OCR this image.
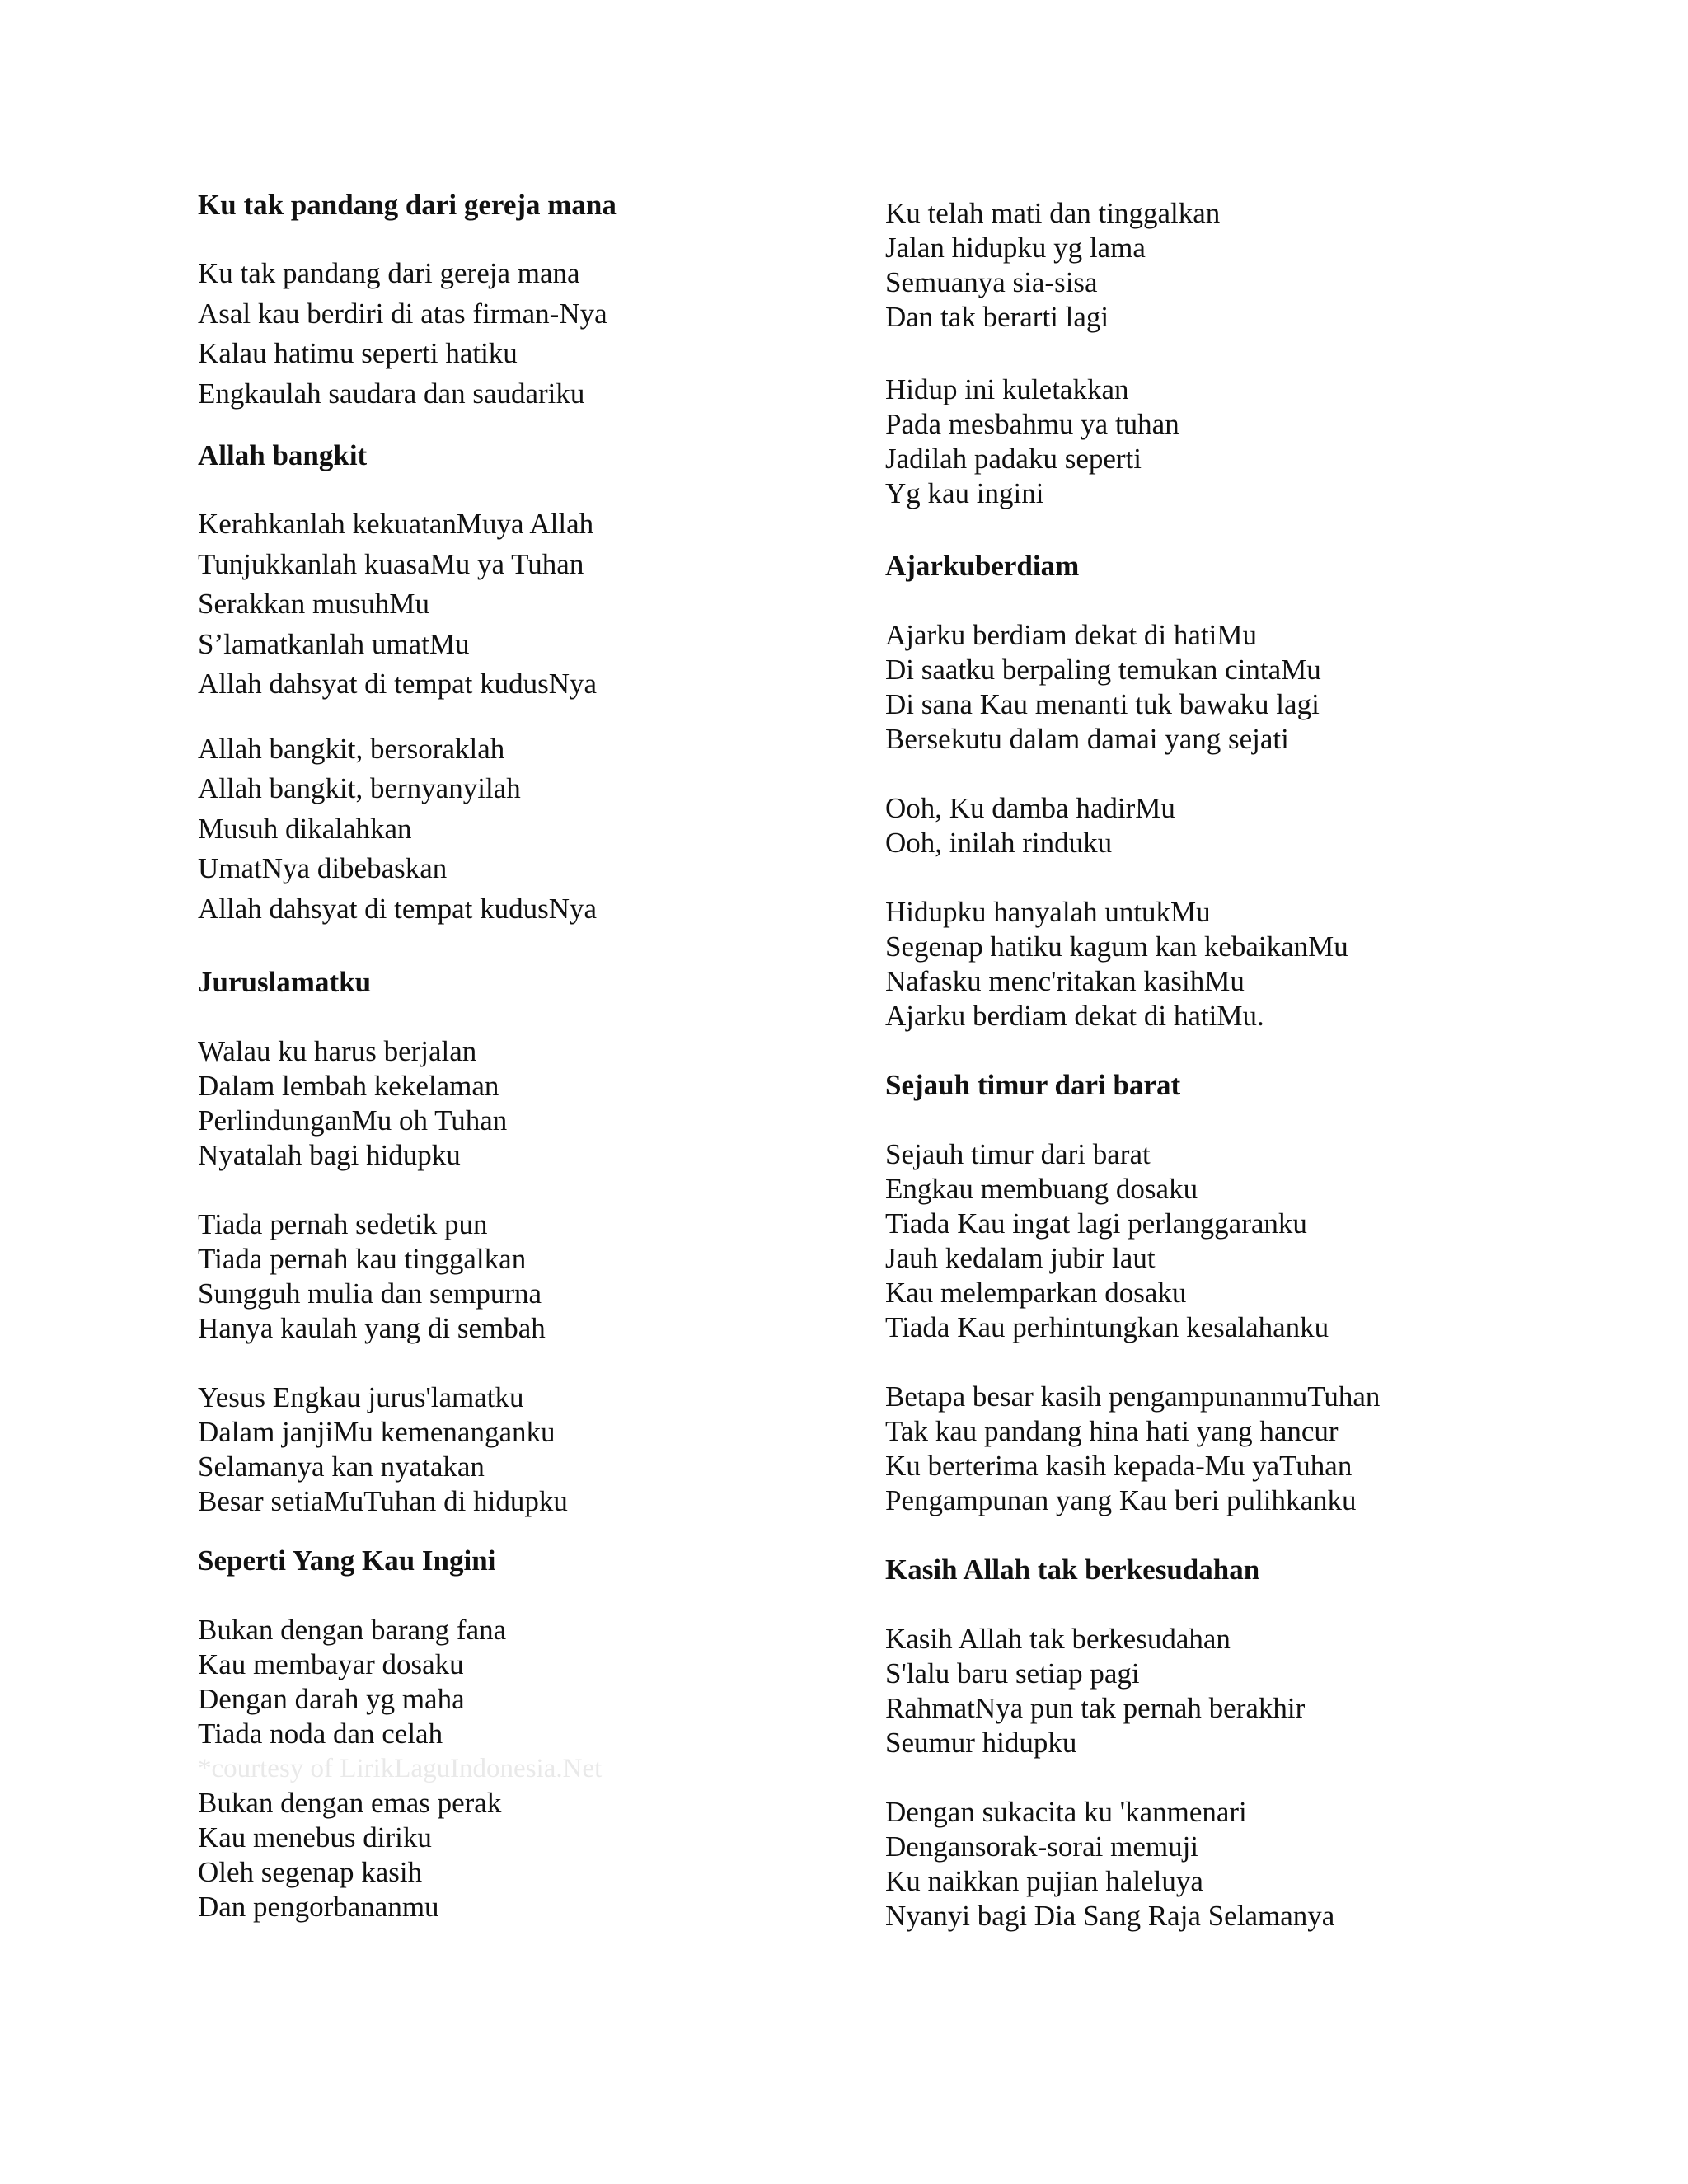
Ku tak pandang dari gereja mana
Ku tak pandang dari gereja mana
Asal kau berdiri di atas firman-Nya
Kalau hatimu seperti hatiku
Engkaulah saudara dan saudariku
Allah bangkit
Kerahkanlah kekuatanMuya Allah
Tunjukkanlah kuasaMu ya Tuhan
Serakkan musuhMu
S’lamatkanlah umatMu
Allah dahsyat di tempat kudusNya
Allah bangkit, bersoraklah
Allah bangkit, bernyanyilah
Musuh dikalahkan
UmatNya dibebaskan
Allah dahsyat di tempat kudusNya
Juruslamatku
Walau ku harus berjalan
Dalam lembah kekelaman
PerlindunganMu oh Tuhan
Nyatalah bagi hidupku
Tiada pernah sedetik pun
Tiada pernah kau tinggalkan
Sungguh mulia dan sempurna
Hanya kaulah yang di sembah
Yesus Engkau jurus'lamatku
Dalam janjiMu kemenanganku
Selamanya kan nyatakan
Besar setiaMuTuhan di hidupku
Seperti Yang Kau Ingini
Bukan dengan barang fana
Kau membayar dosaku
Dengan darah yg maha
Tiada noda dan celah
*courtesy of LirikLaguIndonesia.Net
Bukan dengan emas perak
Kau menebus diriku
Oleh segenap kasih
Dan pengorbananmu
Ku telah mati dan tinggalkan
Jalan hidupku yg lama
Semuanya sia-sisa
Dan tak berarti lagi
Hidup ini kuletakkan
Pada mesbahmu ya tuhan
Jadilah padaku seperti
Yg kau ingini
Ajarkuberdiam
Ajarku berdiam dekat di hatiMu
Di saatku berpaling temukan cintaMu
Di sana Kau menanti tuk bawaku lagi
Bersekutu dalam damai yang sejati
Ooh, Ku damba hadirMu
Ooh, inilah rinduku
Hidupku hanyalah untukMu
Segenap hatiku kagum kan kebaikanMu
Nafasku menc'ritakan kasihMu
Ajarku berdiam dekat di hatiMu.
Sejauh timur dari barat
Sejauh timur dari barat
Engkau membuang dosaku
Tiada Kau ingat lagi perlanggaranku
Jauh kedalam jubir laut
Kau melemparkan dosaku
Tiada Kau perhintungkan kesalahanku
Betapa besar kasih pengampunanmuTuhan
Tak kau pandang hina hati yang hancur
Ku berterima kasih kepada-Mu yaTuhan
Pengampunan yang Kau beri pulihkanku
Kasih Allah tak berkesudahan
Kasih Allah tak berkesudahan
S'lalu baru setiap pagi
RahmatNya pun tak pernah berakhir
Seumur hidupku
Dengan sukacita ku 'kanmenari
Dengansorak-sorai memuji
Ku naikkan pujian haleluya
Nyanyi bagi Dia Sang Raja Selamanya
